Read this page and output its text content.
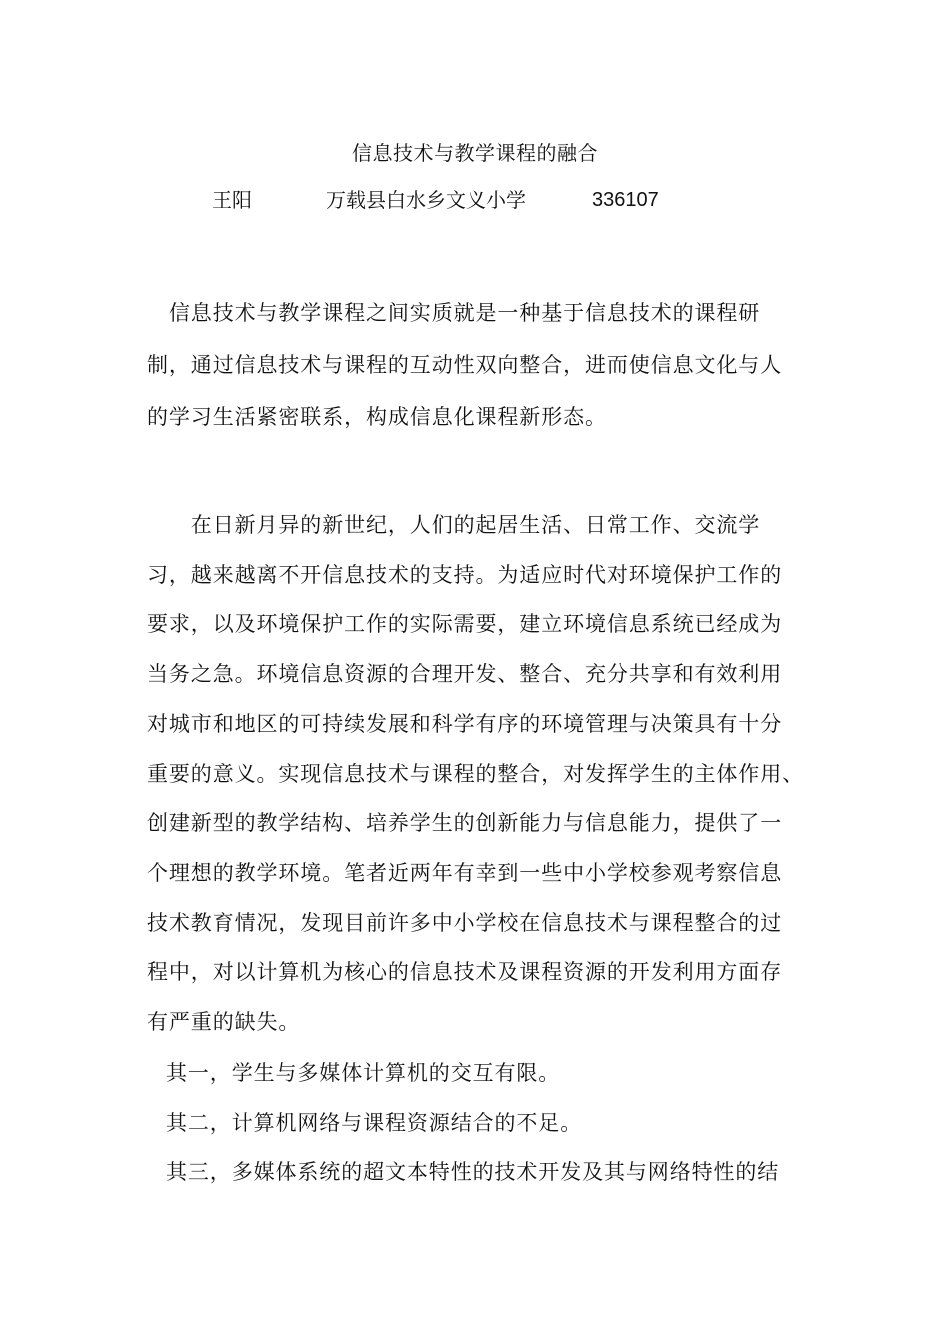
信息技术与教学课程的融合
王阳	万载县白水乡文义小学	336107
　信息技术与教学课程之间实质就是一种基于信息技术的课程研
制，通过信息技术与课程的互动性双向整合，进而使信息文化与人
的学习生活紧密联系，构成信息化课程新形态。
　　在日新月异的新世纪，人们的起居生活、日常工作、交流学
习，越来越离不开信息技术的支持。为适应时代对环境保护工作的
要求，以及环境保护工作的实际需要，建立环境信息系统已经成为
当务之急。环境信息资源的合理开发、整合、充分共享和有效利用
对城市和地区的可持续发展和科学有序的环境管理与决策具有十分
重要的意义。实现信息技术与课程的整合，对发挥学生的主体作用、
创建新型的教学结构、培养学生的创新能力与信息能力，提供了一
个理想的教学环境。笔者近两年有幸到一些中小学校参观考察信息
技术教育情况，发现目前许多中小学校在信息技术与课程整合的过
程中，对以计算机为核心的信息技术及课程资源的开发利用方面存
有严重的缺失。
其一，学生与多媒体计算机的交互有限。
其二，计算机网络与课程资源结合的不足。
其三，多媒体系统的超文本特性的技术开发及其与网络特性的结
